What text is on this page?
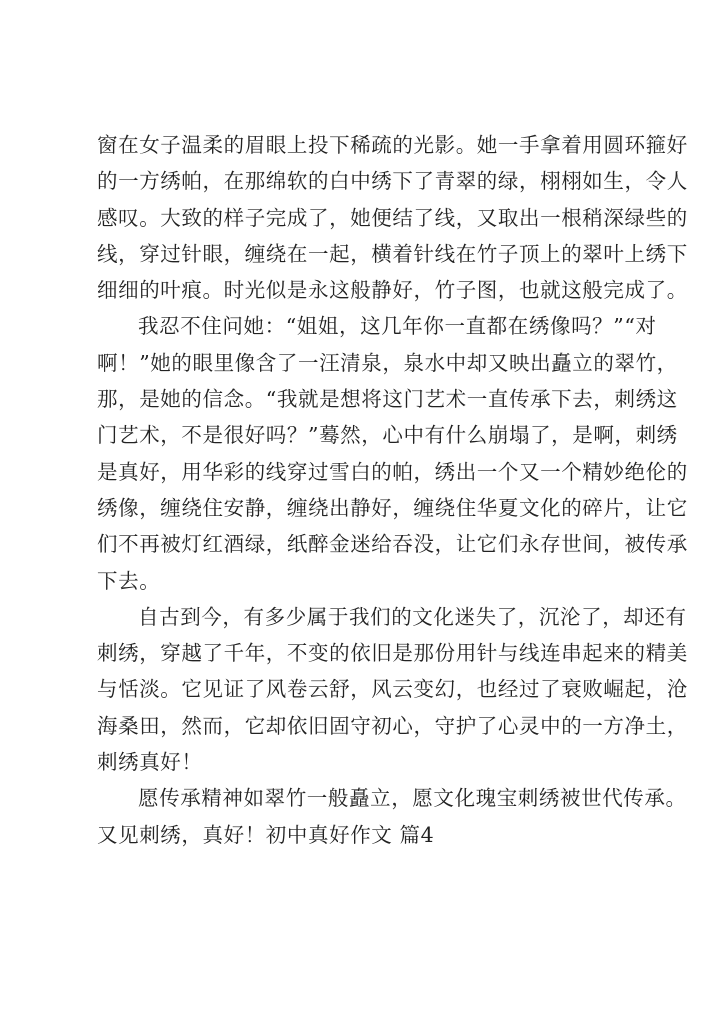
窗在女子温柔的眉眼上投下稀疏的光影。她一手拿着用圆环箍好
的一方绣帕，在那绵软的白中绣下了青翠的绿，栩栩如生，令人
感叹。大致的样子完成了，她便结了线，又取出一根稍深绿些的
线，穿过针眼，缠绕在一起，横着针线在竹子顶上的翠叶上绣下
细细的叶痕。时光似是永这般静好，竹子图，也就这般完成了。
我忍不住问她：“姐姐，这几年你一直都在绣像吗？”“对
啊！”她的眼里像含了一汪清泉，泉水中却又映出矗立的翠竹，
那，是她的信念。“我就是想将这门艺术一直传承下去，刺绣这
门艺术，不是很好吗？”蓦然，心中有什么崩塌了，是啊，刺绣
是真好，用华彩的线穿过雪白的帕，绣出一个又一个精妙绝伦的
绣像，缠绕住安静，缠绕出静好，缠绕住华夏文化的碎片，让它
们不再被灯红酒绿，纸醉金迷给吞没，让它们永存世间，被传承
下去。
自古到今，有多少属于我们的文化迷失了，沉沦了，却还有
刺绣，穿越了千年，不变的依旧是那份用针与线连串起来的精美
与恬淡。它见证了风卷云舒，风云变幻，也经过了衰败崛起，沧
海桑田，然而，它却依旧固守初心，守护了心灵中的一方净土，
刺绣真好！
愿传承精神如翠竹一般矗立，愿文化瑰宝刺绣被世代传承。
又见刺绣，真好！初中真好作文 篇4
